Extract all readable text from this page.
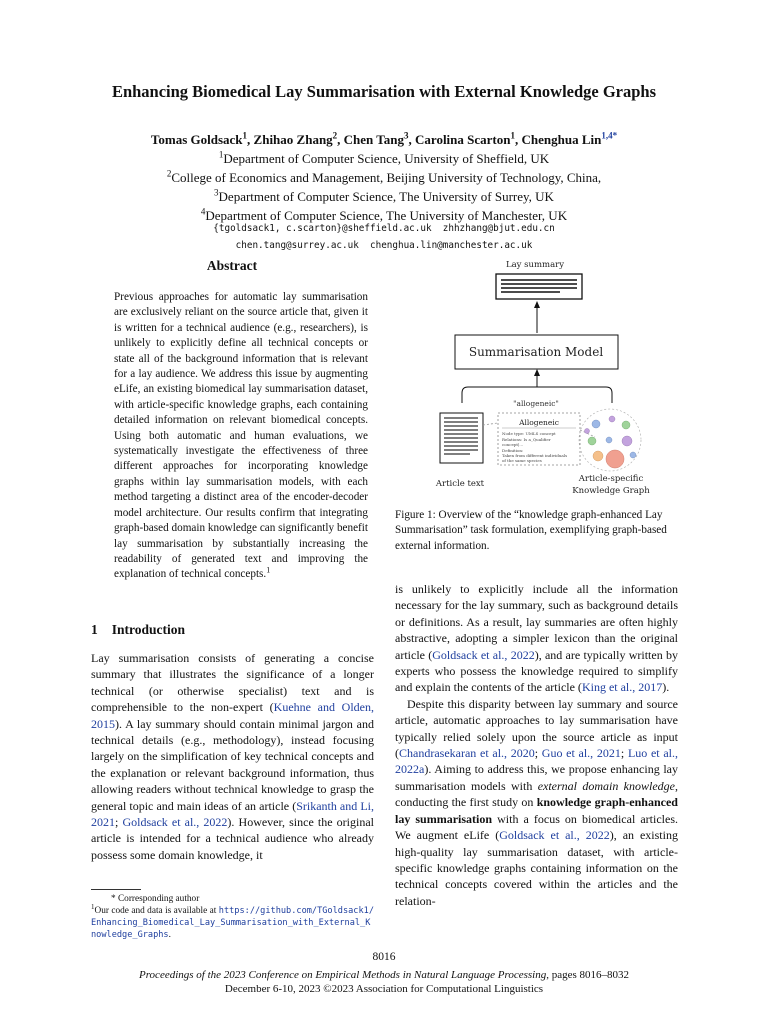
Enhancing Biomedical Lay Summarisation with External Knowledge Graphs
Tomas Goldsack$^1$, Zhihao Zhang$^2$, Chen Tang$^3$, Carolina Scarton$^1$, Chenghua Lin$^{1,4*}$
$^1$Department of Computer Science, University of Sheffield, UK
$^2$College of Economics and Management, Beijing University of Technology, China,
$^3$Department of Computer Science, The University of Surrey, UK
$^4$Department of Computer Science, The University of Manchester, UK
{tgoldsack1, c.scarton}@sheffield.ac.uk  zhhzhang@bjut.edu.cn
chen.tang@surrey.ac.uk  chenghua.lin@manchester.ac.uk
Abstract
Previous approaches for automatic lay summarisation are exclusively reliant on the source article that, given it is written for a technical audience (e.g., researchers), is unlikely to explicitly define all technical concepts or state all of the background information that is relevant for a lay audience. We address this issue by augmenting eLife, an existing biomedical lay summarisation dataset, with article-specific knowledge graphs, each containing detailed information on relevant biomedical concepts. Using both automatic and human evaluations, we systematically investigate the effectiveness of three different approaches for incorporating knowledge graphs within lay summarisation models, with each method targeting a distinct area of the encoder-decoder model architecture. Our results confirm that integrating graph-based domain knowledge can significantly benefit lay summarisation by substantially increasing the readability of generated text and improving the explanation of technical concepts.$^1$
Lay summary
Summarisation Model
"allogeneic"
Allogeneic
Node type: UMLS concept
Relations: Is a_Qualifier
concept|...
Definition:
Taken from different individuals
of the same species
Article text	Article-specific
Knowledge Graph
Figure 1: Overview of the “knowledge graph-enhanced Lay Summarisation” task formulation, exemplifying graph-based external information.
1 Introduction

Lay summarisation consists of generating a concise summary that illustrates the significance of a longer technical (or otherwise specialist) text and is comprehensible to the non-expert (Kuehne and Olden, 2015). A lay summary should contain minimal jargon and technical details (e.g., methodology), instead focusing largely on the simplification of key technical concepts and the explanation or relevant background information, thus allowing readers without technical knowledge to grasp the general topic and main ideas of an article (Srikanth and Li, 2021; Goldsack et al., 2022). However, since the original article is intended for a technical audience who already possess some domain knowledge, it

is unlikely to explicitly include all the information necessary for the lay summary, such as background details or definitions. As a result, lay summaries are often highly abstractive, adopting a simpler lexicon than the original article (Goldsack et al., 2022), and are typically written by experts who possess the knowledge required to simplify and explain the contents of the article (King et al., 2017).

Despite this disparity between lay summary and source article, automatic approaches to lay summarisation have typically relied solely upon the source article as input (Chandrasekaran et al., 2020; Guo et al., 2021; Luo et al., 2022a). Aiming to address this, we propose enhancing lay summarisation models with external domain knowledge, conducting the first study on knowledge graph-enhanced lay summarisation with a focus on biomedical articles. We augment eLife (Goldsack et al., 2022), an existing high-quality lay summarisation dataset, with article-specific knowledge graphs containing information on the technical concepts covered within the articles and the relation-

* Corresponding author
$^1$Our code and data is available at https://github.com/TGoldsack1/Enhancing_Biomedical_Lay_Summarisation_with_External_Knowledge_Graphs.
8016
Proceedings of the 2023 Conference on Empirical Methods in Natural Language Processing, pages 8016–8032
December 6-10, 2023 ©2023 Association for Computational Linguistics
